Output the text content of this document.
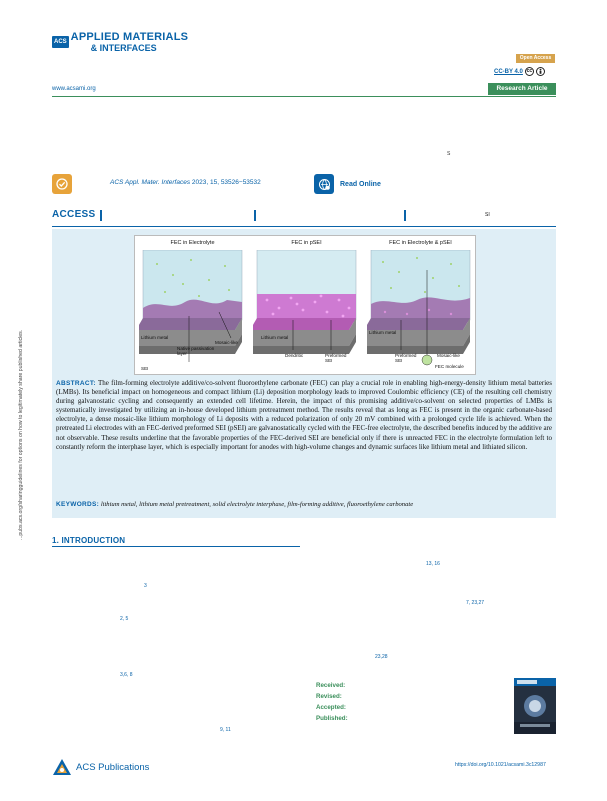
ACS APPLIED MATERIALS
& INTERFACES
Open Access
CC-BY 4.0 cc
www.acsami.org	Research Article
S
ACS Appl. Mater. Interfaces 2023, 15, 53526−53532	Read Online
ACCESS	SI
...pubs.acs.org/sharingguidelines for options on how to legitimately share published articles.
FEC in Electrolyte
Lithium metal
Native passivation layer
Mosaic-like
SEI
FEC in pSEI
Lithium metal
Dendritic	Preformed SEI
FEC in Electrolyte & pSEI
Lithium metal
Preformed SEI
Mosaic-like
FEC molecule

ABSTRACT: The film-forming electrolyte additive/co-solvent fluoroethylene carbonate (FEC) can play a crucial role in enabling high-energy-density lithium metal batteries (LMBs). Its beneficial impact on homogeneous and compact lithium (Li) deposition morphology leads to improved Coulombic efficiency (CE) of the resulting cell chemistry during galvanostatic cycling and consequently an extended cell lifetime. Herein, the impact of this promising additive/co-solvent on selected properties of LMBs is systematically investigated by utilizing an in-house developed lithium pretreatment method. The results reveal that as long as FEC is present in the organic carbonate-based electrolyte, a dense mosaic-like lithium morphology of Li deposits with a reduced polarization of only 20 mV combined with a prolonged cycle life is achieved. When the pretreated Li electrodes with an FEC-derived preformed SEI (pSEI) are galvanostatically cycled with the FEC-free electrolyte, the described benefits induced by the additive are not observable. These results underline that the favorable properties of the FEC-derived SEI are beneficial only if there is unreacted FEC in the electrolyte formulation left to constantly reform the interphase layer, which is especially important for anodes with high-volume changes and dynamic surfaces like lithium metal and lithiated silicon.

KEYWORDS: lithium metal, lithium metal pretreatment, solid electrolyte interphase, film-forming additive, fluoroethylene carbonate

1. INTRODUCTION
13, 16
3
7, 23,27
2, 5
23,28
3,6, 8
9, 11
Received:
Revised:
Accepted:
Published:
ACS Publications	https://doi.org/10.1021/acsami.3c12987
